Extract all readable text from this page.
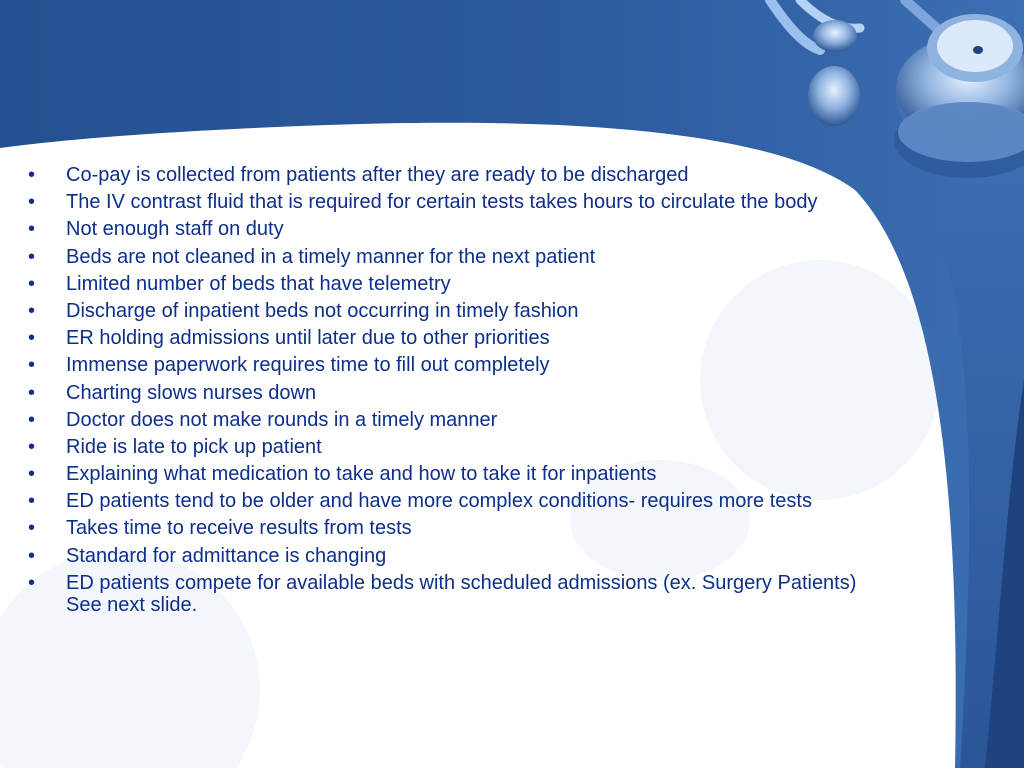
• Co-pay is collected from patients after they are ready to be discharged
• The IV contrast fluid that is required for certain tests takes hours to circulate the body
• Not enough staff on duty
• Beds are not cleaned in a timely manner for the next patient
• Limited number of beds that have telemetry
• Discharge of inpatient beds not occurring in timely fashion
• ER holding admissions until later due to other priorities
• Immense paperwork requires time to fill out completely
• Charting slows nurses down
• Doctor does not make rounds in a timely manner
• Ride is late to pick up patient
• Explaining what medication to take and how to take it for inpatients
• ED patients tend to be older and have more complex conditions- requires more tests
• Takes time to receive results from tests
• Standard for admittance is changing
• ED patients compete for available beds with scheduled admissions (ex. Surgery Patients) See next slide.
